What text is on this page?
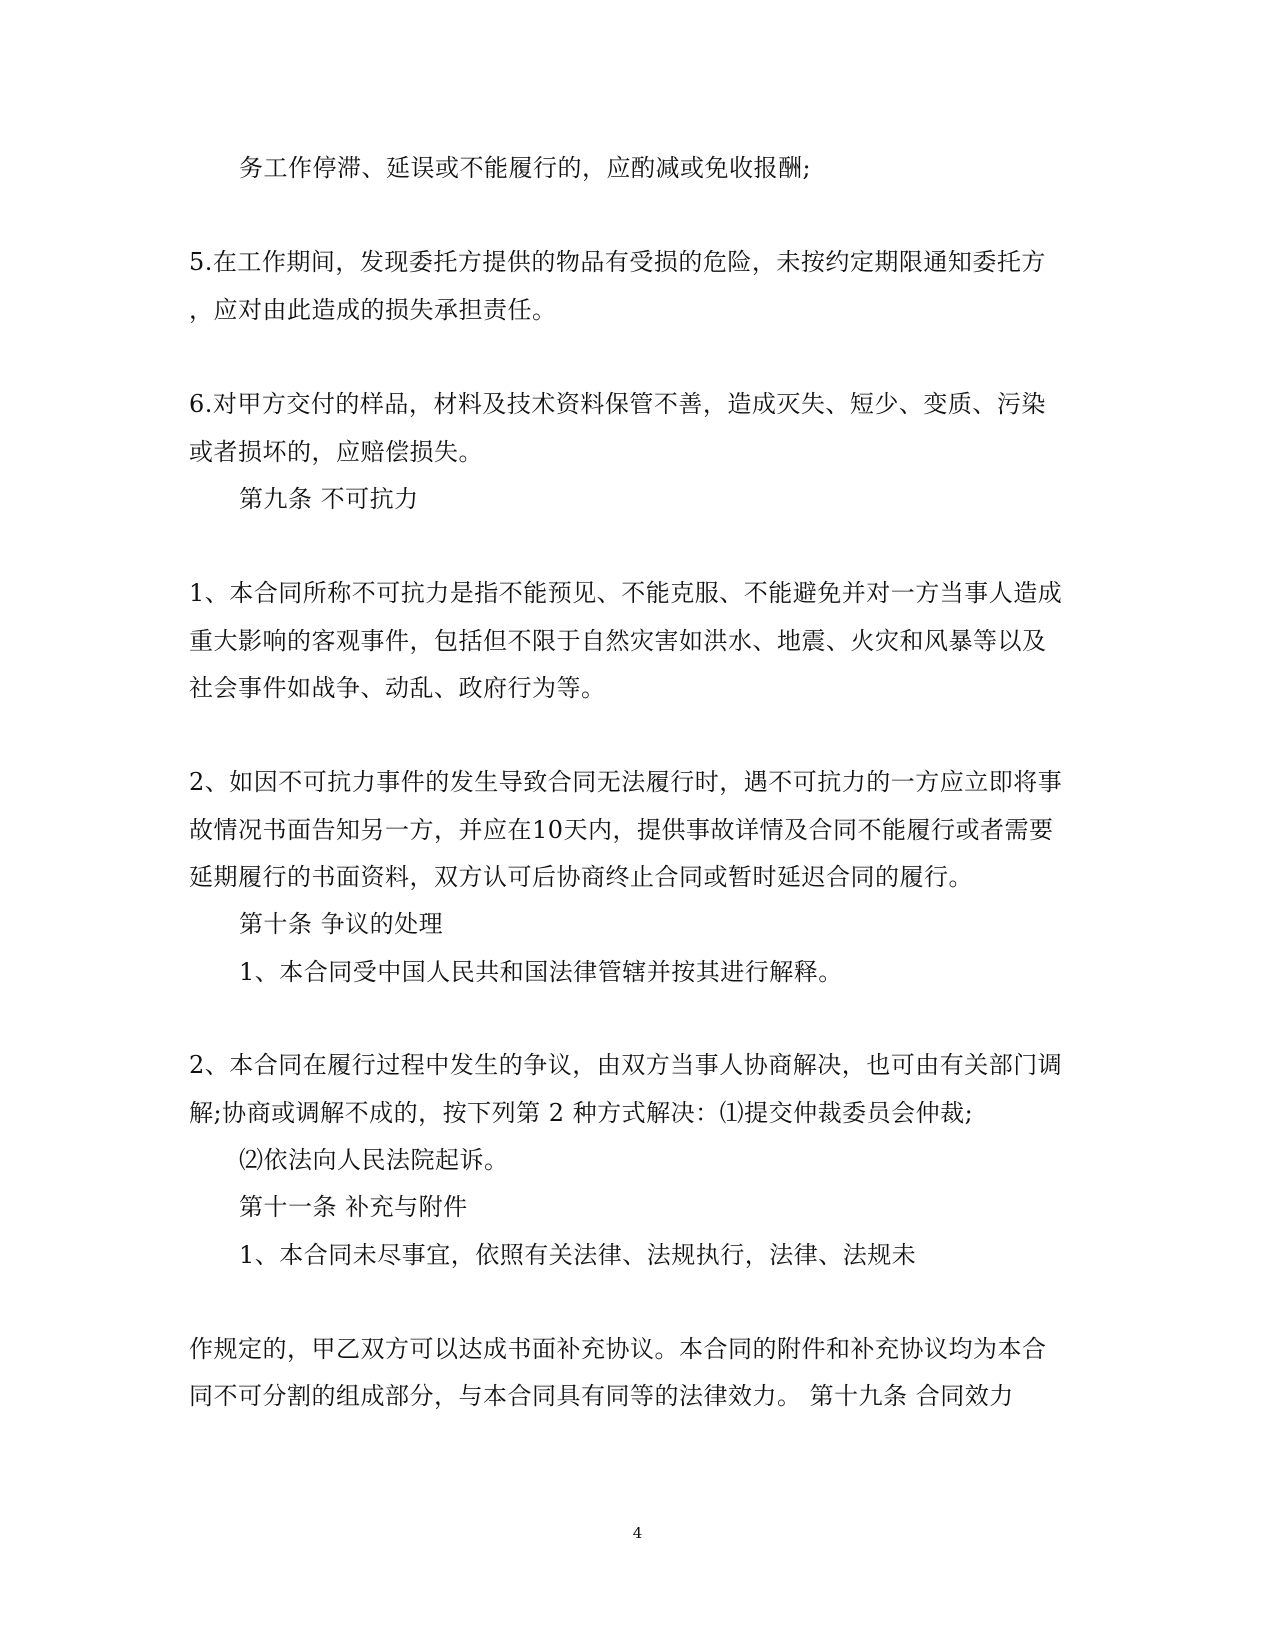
务工作停滞、延误或不能履行的，应酌减或免收报酬;
5.在工作期间，发现委托方提供的物品有受损的危险，未按约定期限通知委托方
，应对由此造成的损失承担责任。
6.对甲方交付的样品，材料及技术资料保管不善，造成灭失、短少、变质、污染
或者损坏的，应赔偿损失。
第九条 不可抗力
1、本合同所称不可抗力是指不能预见、不能克服、不能避免并对一方当事人造成
重大影响的客观事件，包括但不限于自然灾害如洪水、地震、火灾和风暴等以及
社会事件如战争、动乱、政府行为等。
2、如因不可抗力事件的发生导致合同无法履行时，遇不可抗力的一方应立即将事
故情况书面告知另一方，并应在10天内，提供事故详情及合同不能履行或者需要
延期履行的书面资料，双方认可后协商终止合同或暂时延迟合同的履行。
第十条 争议的处理
1、本合同受中国人民共和国法律管辖并按其进行解释。
2、本合同在履行过程中发生的争议，由双方当事人协商解决，也可由有关部门调
解;协商或调解不成的，按下列第 2 种方式解决：⑴提交仲裁委员会仲裁;
⑵依法向人民法院起诉。
第十一条 补充与附件
1、本合同未尽事宜，依照有关法律、法规执行，法律、法规未
作规定的，甲乙双方可以达成书面补充协议。本合同的附件和补充协议均为本合
同不可分割的组成部分，与本合同具有同等的法律效力。 第十九条 合同效力
4
